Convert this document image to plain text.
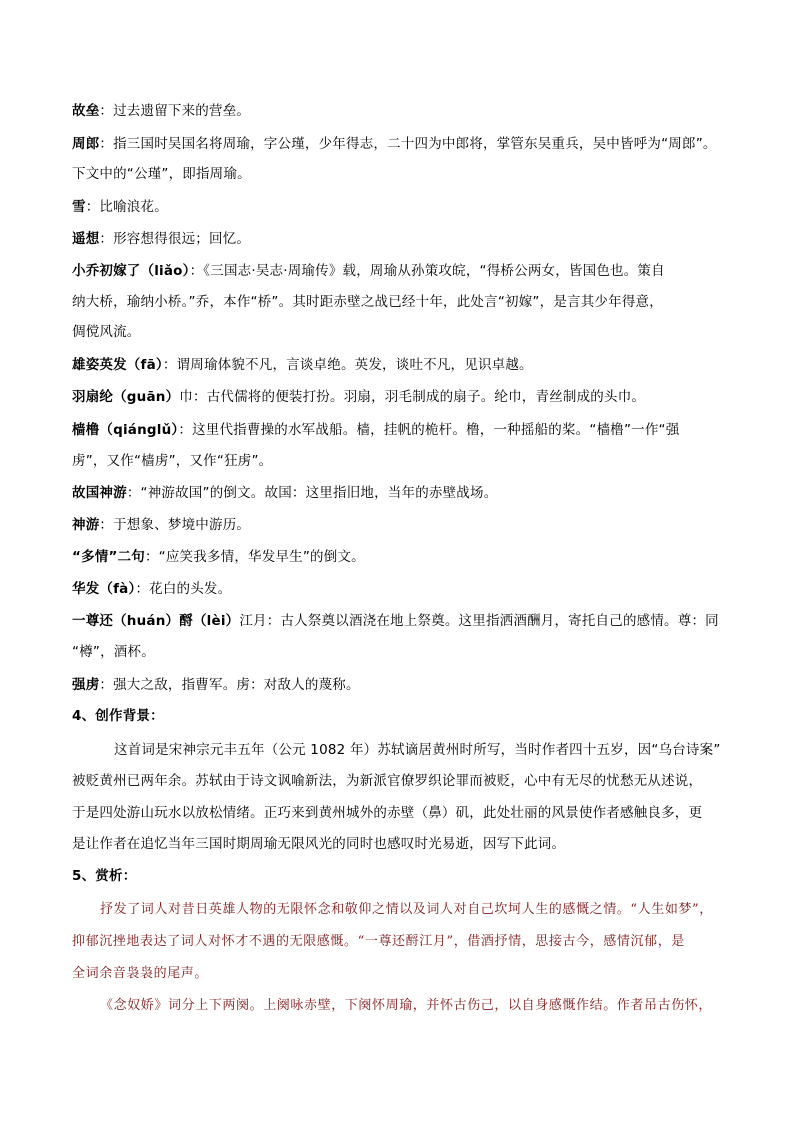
故垒：过去遗留下来的营垒。
周郎：指三国时吴国名将周瑜，字公瑾，少年得志，二十四为中郎将，掌管东吴重兵，吴中皆呼为“周郎”。
下文中的“公瑾”，即指周瑜。
雪：比喻浪花。
遥想：形容想得很远；回忆。
小乔初嫁了（liǎo）：《三国志·吴志·周瑜传》载，周瑜从孙策攻皖，“得桥公两女，皆国色也。策自
纳大桥，瑜纳小桥。”乔，本作“桥”。其时距赤壁之战已经十年，此处言“初嫁”，是言其少年得意，
倜傥风流。
雄姿英发（fā）：谓周瑜体貌不凡，言谈卓绝。英发，谈吐不凡，见识卓越。
羽扇纶（guān）巾：古代儒将的便装打扮。羽扇，羽毛制成的扇子。纶巾，青丝制成的头巾。
樯橹（qiánglǔ）：这里代指曹操的水军战船。樯，挂帆的桅杆。橹，一种摇船的桨。“樯橹”一作“强
虏”，又作“樯虏”，又作“狂虏”。
故国神游：“神游故国”的倒文。故国：这里指旧地，当年的赤壁战场。
神游：于想象、梦境中游历。
“多情”二句：“应笑我多情，华发早生”的倒文。
华发（fà）：花白的头发。
一尊还（huán）酹（lèi）江月：古人祭奠以酒浇在地上祭奠。这里指洒酒酬月，寄托自己的感情。尊：同
“樽”，酒杯。
强虏：强大之敌，指曹军。虏：对敌人的蔑称。
4、创作背景：
这首词是宋神宗元丰五年（公元 1082 年）苏轼谪居黄州时所写，当时作者四十五岁，因“乌台诗案”
被贬黄州已两年余。苏轼由于诗文讽喻新法，为新派官僚罗织论罪而被贬，心中有无尽的忧愁无从述说，
于是四处游山玩水以放松情绪。正巧来到黄州城外的赤壁（鼻）矶，此处壮丽的风景使作者感触良多，更
是让作者在追忆当年三国时期周瑜无限风光的同时也感叹时光易逝，因写下此词。
5、赏析：
抒发了词人对昔日英雄人物的无限怀念和敬仰之情以及词人对自己坎坷人生的感慨之情。“人生如梦”，
抑郁沉挫地表达了词人对怀才不遇的无限感慨。“一尊还酹江月”，借酒抒情，思接古今，感情沉郁，是
全词余音袅袅的尾声。
《念奴娇》词分上下两阕。上阕咏赤壁，下阕怀周瑜，并怀古伤己，以自身感慨作结。作者吊古伤怀，
